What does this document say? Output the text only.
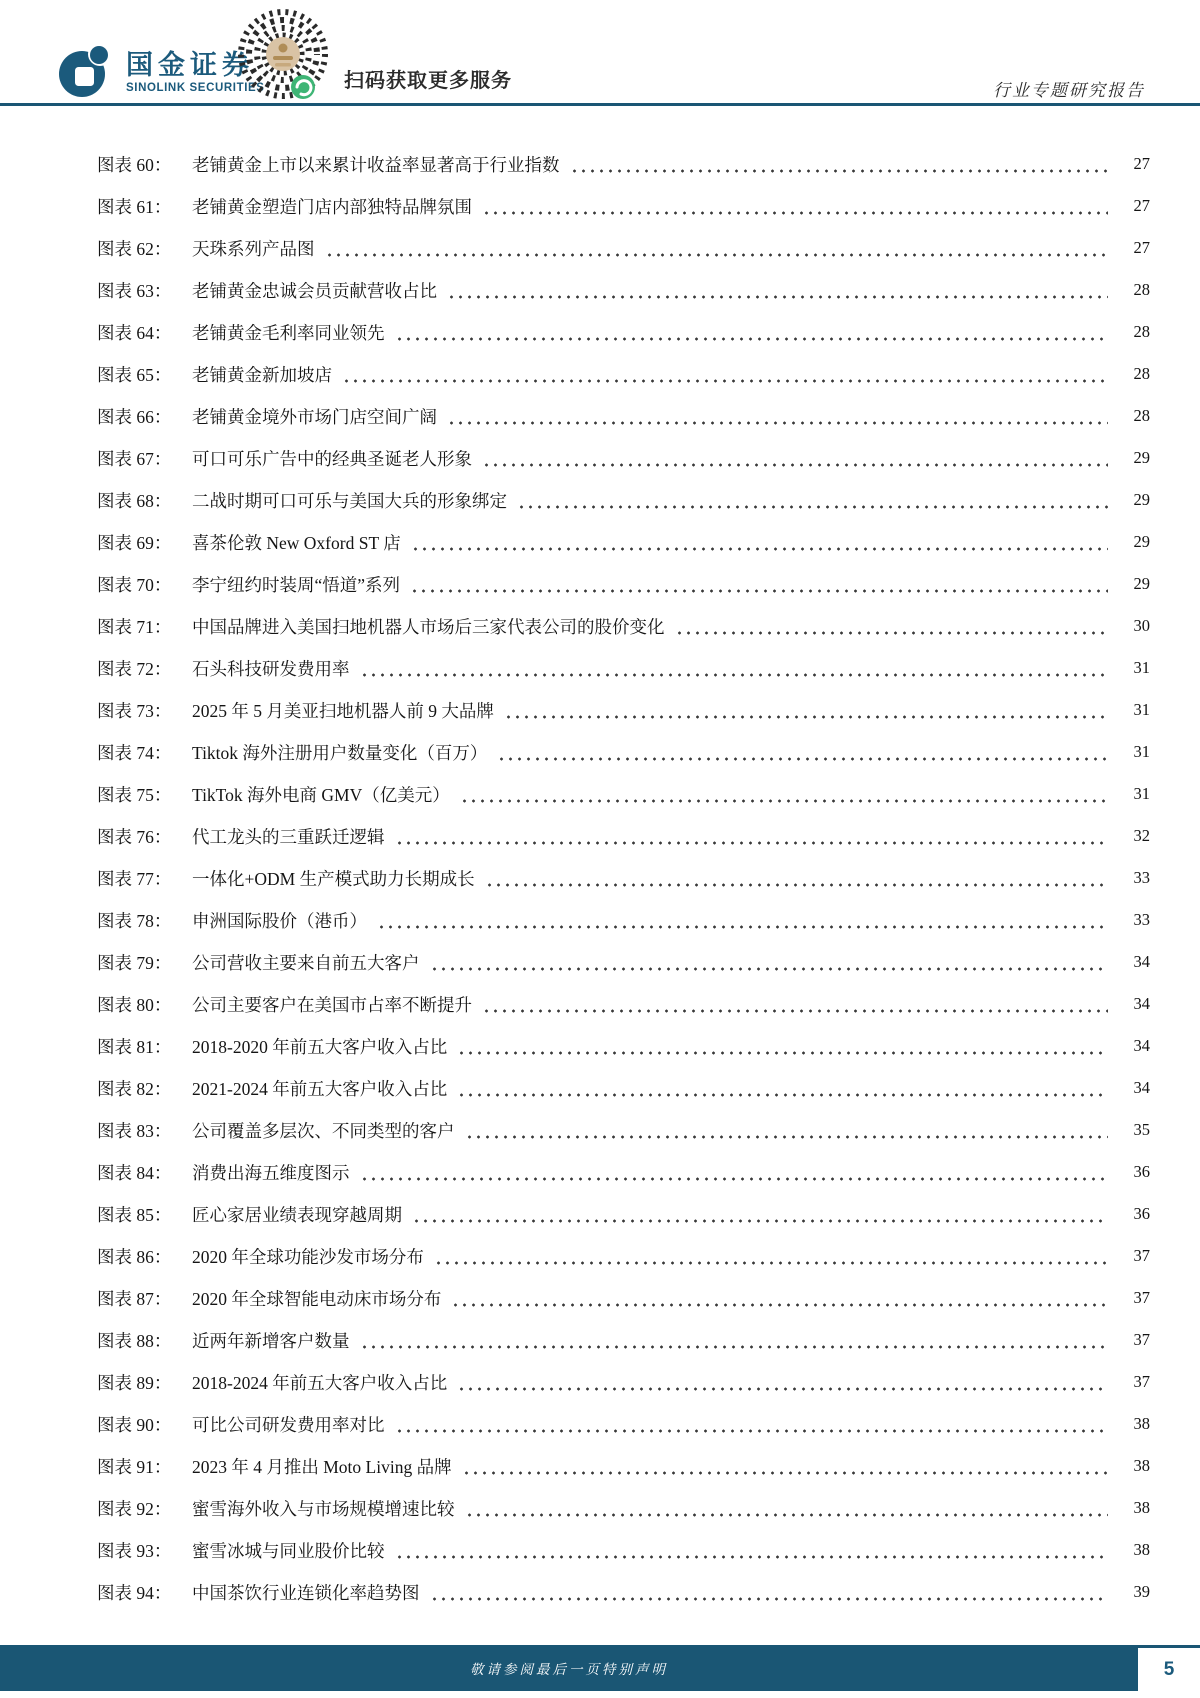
国金证券
SINOLINK SECURITIES	扫码获取更多服务	行业专题研究报告
图表 60：	老铺黄金上市以来累计收益率显著高于行业指数	27
图表 61：	老铺黄金塑造门店内部独特品牌氛围	27
图表 62：	天珠系列产品图	27
图表 63：	老铺黄金忠诚会员贡献营收占比	28
图表 64：	老铺黄金毛利率同业领先	28
图表 65：	老铺黄金新加坡店	28
图表 66：	老铺黄金境外市场门店空间广阔	28
图表 67：	可口可乐广告中的经典圣诞老人形象	29
图表 68：	二战时期可口可乐与美国大兵的形象绑定	29
图表 69：	喜茶伦敦 New Oxford ST 店	29
图表 70：	李宁纽约时装周“悟道”系列	29
图表 71：	中国品牌进入美国扫地机器人市场后三家代表公司的股价变化	30
图表 72：	石头科技研发费用率	31
图表 73：	2025 年 5 月美亚扫地机器人前 9 大品牌	31
图表 74：	Tiktok 海外注册用户数量变化（百万）	31
图表 75：	TikTok 海外电商 GMV（亿美元）	31
图表 76：	代工龙头的三重跃迁逻辑	32
图表 77：	一体化+ODM 生产模式助力长期成长	33
图表 78：	申洲国际股价（港币）	33
图表 79：	公司营收主要来自前五大客户	34
图表 80：	公司主要客户在美国市占率不断提升	34
图表 81：	2018-2020 年前五大客户收入占比	34
图表 82：	2021-2024 年前五大客户收入占比	34
图表 83：	公司覆盖多层次、不同类型的客户	35
图表 84：	消费出海五维度图示	36
图表 85：	匠心家居业绩表现穿越周期	36
图表 86：	2020 年全球功能沙发市场分布	37
图表 87：	2020 年全球智能电动床市场分布	37
图表 88：	近两年新增客户数量	37
图表 89：	2018-2024 年前五大客户收入占比	37
图表 90：	可比公司研发费用率对比	38
图表 91：	2023 年 4 月推出 Moto Living 品牌	38
图表 92：	蜜雪海外收入与市场规模增速比较	38
图表 93：	蜜雪冰城与同业股价比较	38
图表 94：	中国茶饮行业连锁化率趋势图	39
敬请参阅最后一页特别声明	5
